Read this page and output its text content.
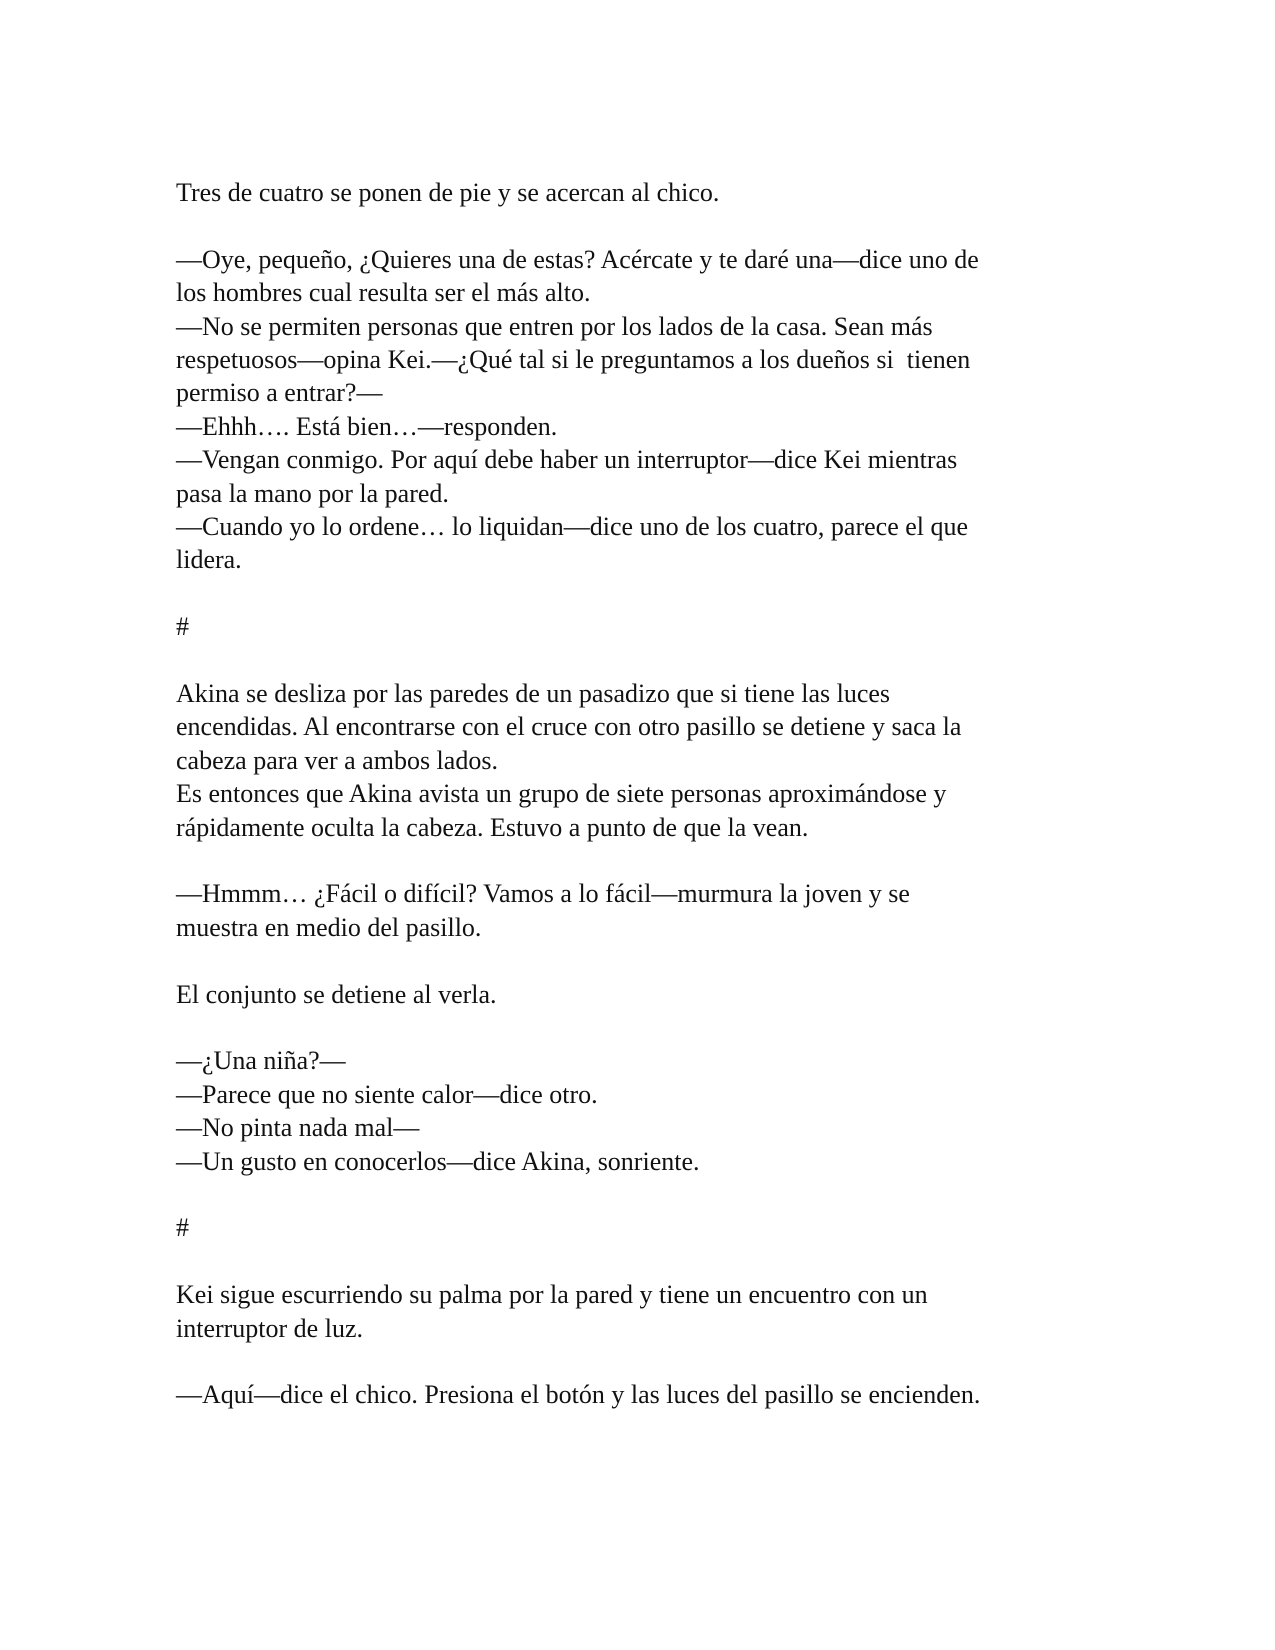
Tres de cuatro se ponen de pie y se acercan al chico.
—Oye, pequeño, ¿Quieres una de estas? Acércate y te daré una—dice uno de
los hombres cual resulta ser el más alto.
—No se permiten personas que entren por los lados de la casa. Sean más
respetuosos—opina Kei.—¿Qué tal si le preguntamos a los dueños si  tienen
permiso a entrar?—
—Ehhh…. Está bien…—responden.
—Vengan conmigo. Por aquí debe haber un interruptor—dice Kei mientras
pasa la mano por la pared.
—Cuando yo lo ordene… lo liquidan—dice uno de los cuatro, parece el que
lidera.
#
Akina se desliza por las paredes de un pasadizo que si tiene las luces
encendidas. Al encontrarse con el cruce con otro pasillo se detiene y saca la
cabeza para ver a ambos lados.
Es entonces que Akina avista un grupo de siete personas aproximándose y
rápidamente oculta la cabeza. Estuvo a punto de que la vean.
—Hmmm… ¿Fácil o difícil? Vamos a lo fácil—murmura la joven y se
muestra en medio del pasillo.
El conjunto se detiene al verla.
—¿Una niña?—
—Parece que no siente calor—dice otro.
—No pinta nada mal—
—Un gusto en conocerlos—dice Akina, sonriente.
#
Kei sigue escurriendo su palma por la pared y tiene un encuentro con un
interruptor de luz.
—Aquí—dice el chico. Presiona el botón y las luces del pasillo se encienden.
